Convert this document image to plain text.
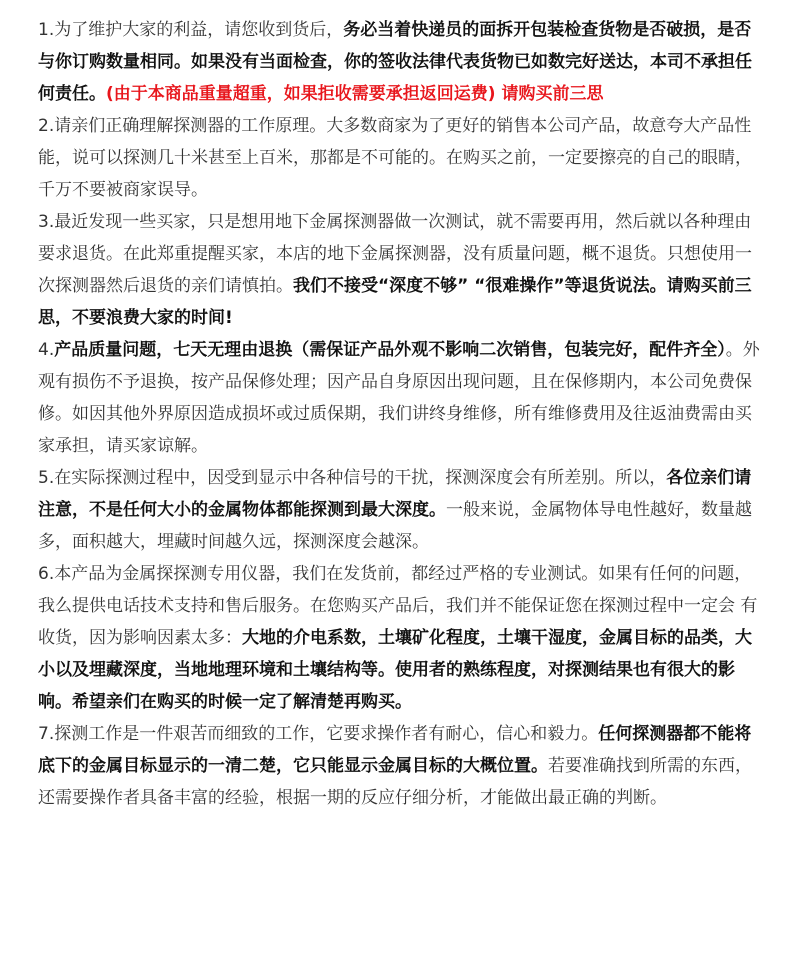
1.为了维护大家的利益，请您收到货后，务必当着快递员的面拆开包装检查货物是否破损，是否与你订购数量相同。如果没有当面检查，你的签收法律代表货物已如数完好送达，本司不承担任何责任。(由于本商品重量超重，如果拒收需要承担返回运费) 请购买前三思

2.请亲们正确理解探测器的工作原理。大多数商家为了更好的销售本公司产品，故意夸大产品性能，说可以探测几十米甚至上百米，那都是不可能的。在购买之前，一定要擦亮的自己的眼睛，千万不要被商家误导。

3.最近发现一些买家，只是想用地下金属探测器做一次测试，就不需要再用，然后就以各种理由要求退货。在此郑重提醒买家，本店的地下金属探测器，没有质量问题，概不退货。只想使用一次探测器然后退货的亲们请慎拍。我们不接受“深度不够” “很难操作”等退货说法。请购买前三思，不要浪费大家的时间!

4.产品质量问题，七天无理由退换（需保证产品外观不影响二次销售，包装完好，配件齐全）。外观有损伤不予退换，按产品保修处理；因产品自身原因出现问题，且在保修期内，本公司免费保修。如因其他外界原因造成损坏或过质保期，我们讲终身维修，所有维修费用及往返油费需由买家承担，请买家谅解。

5.在实际探测过程中，因受到显示中各种信号的干扰，探测深度会有所差别。所以，各位亲们请注意，不是任何大小的金属物体都能探测到最大深度。一般来说，金属物体导电性越好，数量越多，面积越大，埋藏时间越久远，探测深度会越深。

6.本产品为金属探探测专用仪器，我们在发货前，都经过严格的专业测试。如果有任何的问题，我么提供电话技术支持和售后服务。在您购买产品后，我们并不能保证您在探测过程中一定会 有收货，因为影响因素太多：大地的介电系数，土壤矿化程度，土壤干湿度，金属目标的品类，大小以及埋藏深度，当地地理环境和土壤结构等。使用者的熟练程度，对探测结果也有很大的影响。希望亲们在购买的时候一定了解清楚再购买。

7.探测工作是一件艰苦而细致的工作，它要求操作者有耐心，信心和毅力。任何探测器都不能将底下的金属目标显示的一清二楚，它只能显示金属目标的大概位置。若要准确找到所需的东西，还需要操作者具备丰富的经验，根据一期的反应仔细分析，才能做出最正确的判断。
